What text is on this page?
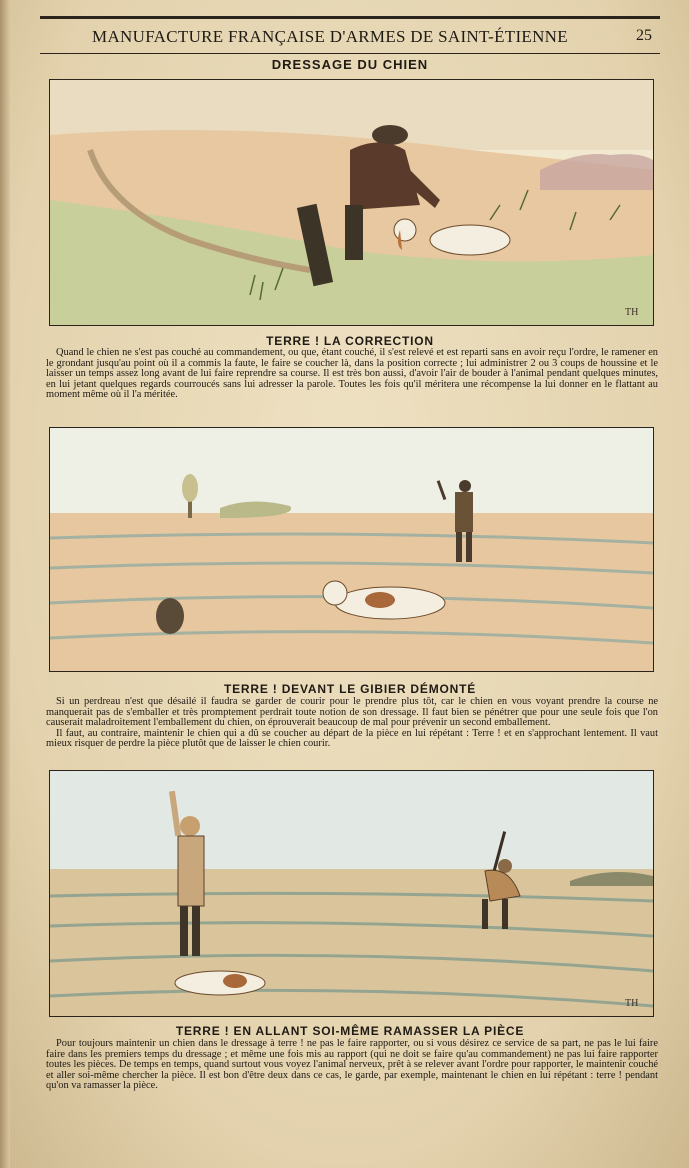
MANUFACTURE FRANÇAISE D'ARMES DE SAINT-ÉTIENNE	25
DRESSAGE DU CHIEN
TH
TERRE ! LA CORRECTION

Quand le chien ne s'est pas couché au commandement, ou que, étant couché, il s'est relevé et est reparti sans en avoir reçu l'ordre, le ramener en le grondant jusqu'au point où il a commis la faute, le faire se coucher là, dans la position correcte ; lui administrer 2 ou 3 coups de houssine et le laisser un temps assez long avant de lui faire reprendre sa course. Il est très bon aussi, d'avoir l'air de bouder à l'animal pendant quelques minutes, en lui jetant quelques regards courroucés sans lui adresser la parole. Toutes les fois qu'il méritera une récompense la lui donner en le flattant au moment même où il l'a méritée.

TERRE ! DEVANT LE GIBIER DÉMONTÉ

Si un perdreau n'est que désailé il faudra se garder de courir pour le prendre plus tôt, car le chien en vous voyant prendre la course ne manquerait pas de s'emballer et très promptement perdrait toute notion de son dressage. Il faut bien se pénétrer que pour une seule fois que l'on causerait maladroitement l'emballement du chien, on éprouverait beaucoup de mal pour prévenir un second emballement.

Il faut, au contraire, maintenir le chien qui a dû se coucher au départ de la pièce en lui répétant : Terre ! et en s'approchant lentement. Il vaut mieux risquer de perdre la pièce plutôt que de laisser le chien courir.

TH
TERRE ! EN ALLANT SOI-MÊME RAMASSER LA PIÈCE

Pour toujours maintenir un chien dans le dressage à terre ! ne pas le faire rapporter, ou si vous désirez ce service de sa part, ne pas le lui faire faire dans les premiers temps du dressage ; et même une fois mis au rapport (qui ne doit se faire qu'au commandement) ne pas lui faire rapporter toutes les pièces. De temps en temps, quand surtout vous voyez l'animal nerveux, prêt à se relever avant l'ordre pour rapporter, le maintenir couché et aller soi-même chercher la pièce. Il est bon d'être deux dans ce cas, le garde, par exemple, maintenant le chien en lui répétant : terre ! pendant qu'on va ramasser la pièce.
